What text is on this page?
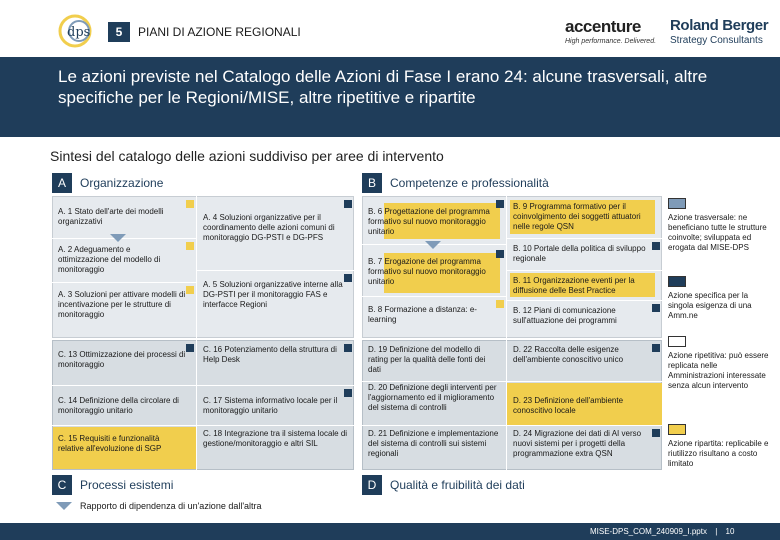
dps	5	PIANI DI AZIONE REGIONALI	accenture
High performance. Delivered.
Roland Berger
Strategy Consultants
Le azioni previste nel Catalogo delle Azioni di Fase I erano 24: alcune trasversali, altre specifiche per le Regioni/MISE, altre ripetitive e ripartite
Sintesi del catalogo delle azioni suddiviso per aree di intervento
A	Organizzazione	B	Competenze e professionalità
A. 1 Stato dell'arte dei modelli organizzativi
A. 2 Adeguamento e ottimizzazione del modello di monitoraggio
A. 3 Soluzioni per attivare modelli di incentivazione per le strutture di monitoraggio
A. 4 Soluzioni organizzative per il coordinamento delle azioni comuni di monitoraggio DG-PSTI e DG-PFS
A. 5 Soluzioni organizzative interne alla DG-PSTI per il monitoraggio FAS e interfacce Regioni
B. 6 Progettazione del programma formativo sul nuovo monitoraggio unitario
B. 7 Erogazione del programma formativo sul nuovo monitoraggio unitario
B. 8 Formazione a distanza: e-learning
B. 9 Programma formativo per il coinvolgimento dei soggetti attuatori nelle regole QSN
B. 10 Portale della politica di sviluppo regionale
B. 11 Organizzazione eventi per la diffusione delle Best Practice
B. 12 Piani di comunicazione sull'attuazione dei programmi
C. 13 Ottimizzazione dei processi di monitoraggio
C. 14 Definizione della circolare di monitoraggio unitario
C. 15 Requisiti e funzionalità relative all'evoluzione di SGP
C. 16 Potenziamento della struttura di Help Desk
C. 17 Sistema informativo locale per il monitoraggio unitario
C. 18 Integrazione tra il sistema locale di gestione/monitoraggio e altri SIL
D. 19 Definizione del modello di rating per la qualità delle fonti dei dati
D. 20 Definizione degli interventi per l'aggiornamento ed il miglioramento del sistema di controlli
D. 21 Definizione e implementazione del sistema di controlli sui sistemi regionali
D. 22 Raccolta delle esigenze dell'ambiente conoscitivo unico
D. 23 Definizione dell'ambiente conoscitivo locale
D. 24 Migrazione dei dati di AI verso nuovi sistemi per i progetti della programmazione extra QSN
C	Processi esistemi	D	Qualità e fruibilità dei dati
Rapporto di dipendenza di un'azione dall'altra
Azione trasversale: ne beneficiano tutte le strutture coinvolte; sviluppata ed erogata dal MISE-DPS
Azione specifica per la singola esigenza di una Amm.ne
Azione ripetitiva: può essere replicata nelle Amministrazioni interessate senza alcun intervento
Azione ripartita: replicabile e riutilizzo risultano a costo limitato
MISE-DPS_COM_240909_I.pptx | 10
